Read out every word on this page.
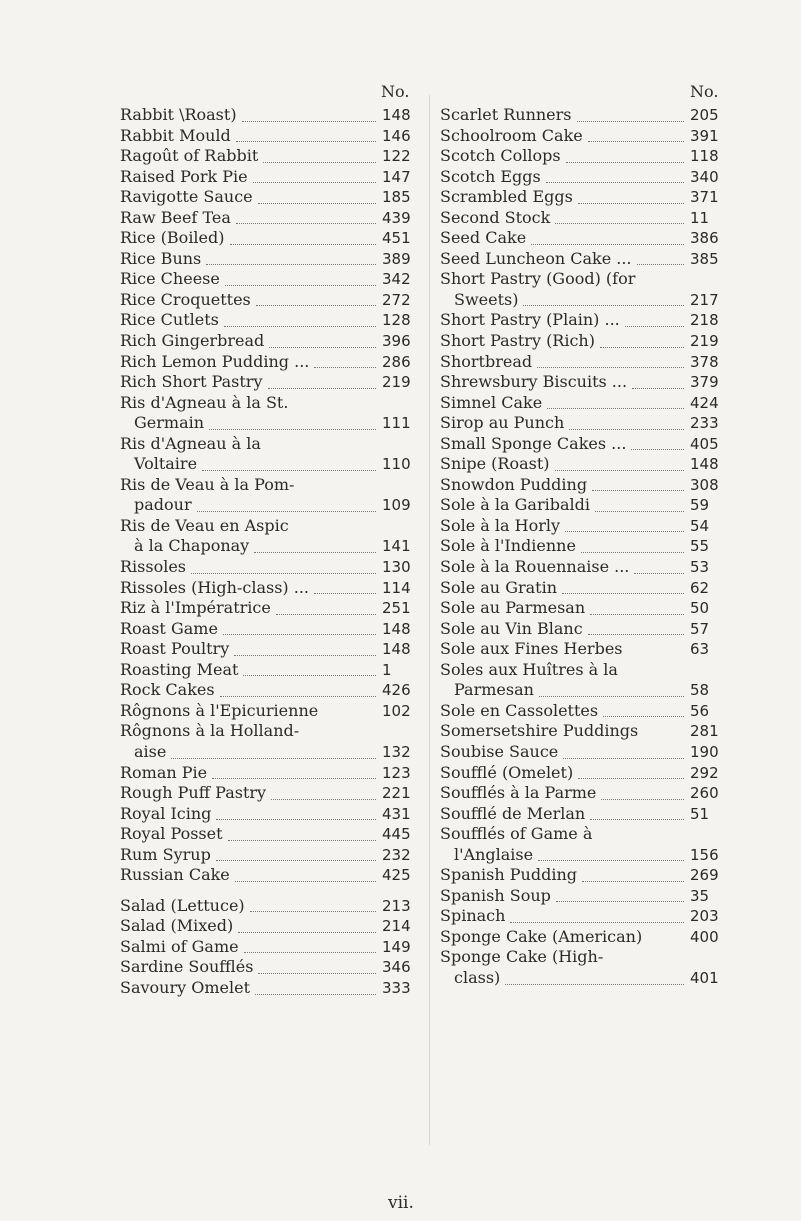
No.	No.
Rabbit \Roast)	148
Rabbit Mould	146
Ragoût of Rabbit	122
Raised Pork Pie	147
Ravigotte Sauce	185
Raw Beef Tea	439
Rice (Boiled)	451
Rice Buns	389
Rice Cheese	342
Rice Croquettes	272
Rice Cutlets	128
Rich Gingerbread	396
Rich Lemon Pudding ...	286
Rich Short Pastry	219
Ris d'Agneau à la St.
Germain	111
Ris d'Agneau à la
Voltaire	110
Ris de Veau à la Pom-
padour	109
Ris de Veau en Aspic
à la Chaponay	141
Rissoles	130
Rissoles (High-class) ...	114
Riz à l'Impératrice	251
Roast Game	148
Roast Poultry	148
Roasting Meat	1
Rock Cakes	426
Rôgnons à l'Epicurienne	102
Rôgnons à la Holland-
aise	132
Roman Pie	123
Rough Puff Pastry	221
Royal Icing	431
Royal Posset	445
Rum Syrup	232
Russian Cake	425
Salad (Lettuce)	213
Salad (Mixed)	214
Salmi of Game	149
Sardine Soufflés	346
Savoury Omelet	333
Scarlet Runners	205
Schoolroom Cake	391
Scotch Collops	118
Scotch Eggs	340
Scrambled Eggs	371
Second Stock	11
Seed Cake	386
Seed Luncheon Cake ...	385
Short Pastry (Good) (for
Sweets)	217
Short Pastry (Plain) ...	218
Short Pastry (Rich)	219
Shortbread	378
Shrewsbury Biscuits ...	379
Simnel Cake	424
Sirop au Punch	233
Small Sponge Cakes ...	405
Snipe (Roast)	148
Snowdon Pudding	308
Sole à la Garibaldi	59
Sole à la Horly	54
Sole à l'Indienne	55
Sole à la Rouennaise ...	53
Sole au Gratin	62
Sole au Parmesan	50
Sole au Vin Blanc	57
Sole aux Fines Herbes	63
Soles aux Huîtres à la
Parmesan	58
Sole en Cassolettes	56
Somersetshire Puddings	281
Soubise Sauce	190
Soufflé (Omelet)	292
Soufflés à la Parme	260
Soufflé de Merlan	51
Soufflés of Game à
l'Anglaise	156
Spanish Pudding	269
Spanish Soup	35
Spinach	203
Sponge Cake (American)	400
Sponge Cake (High-
class)	401
vii.
